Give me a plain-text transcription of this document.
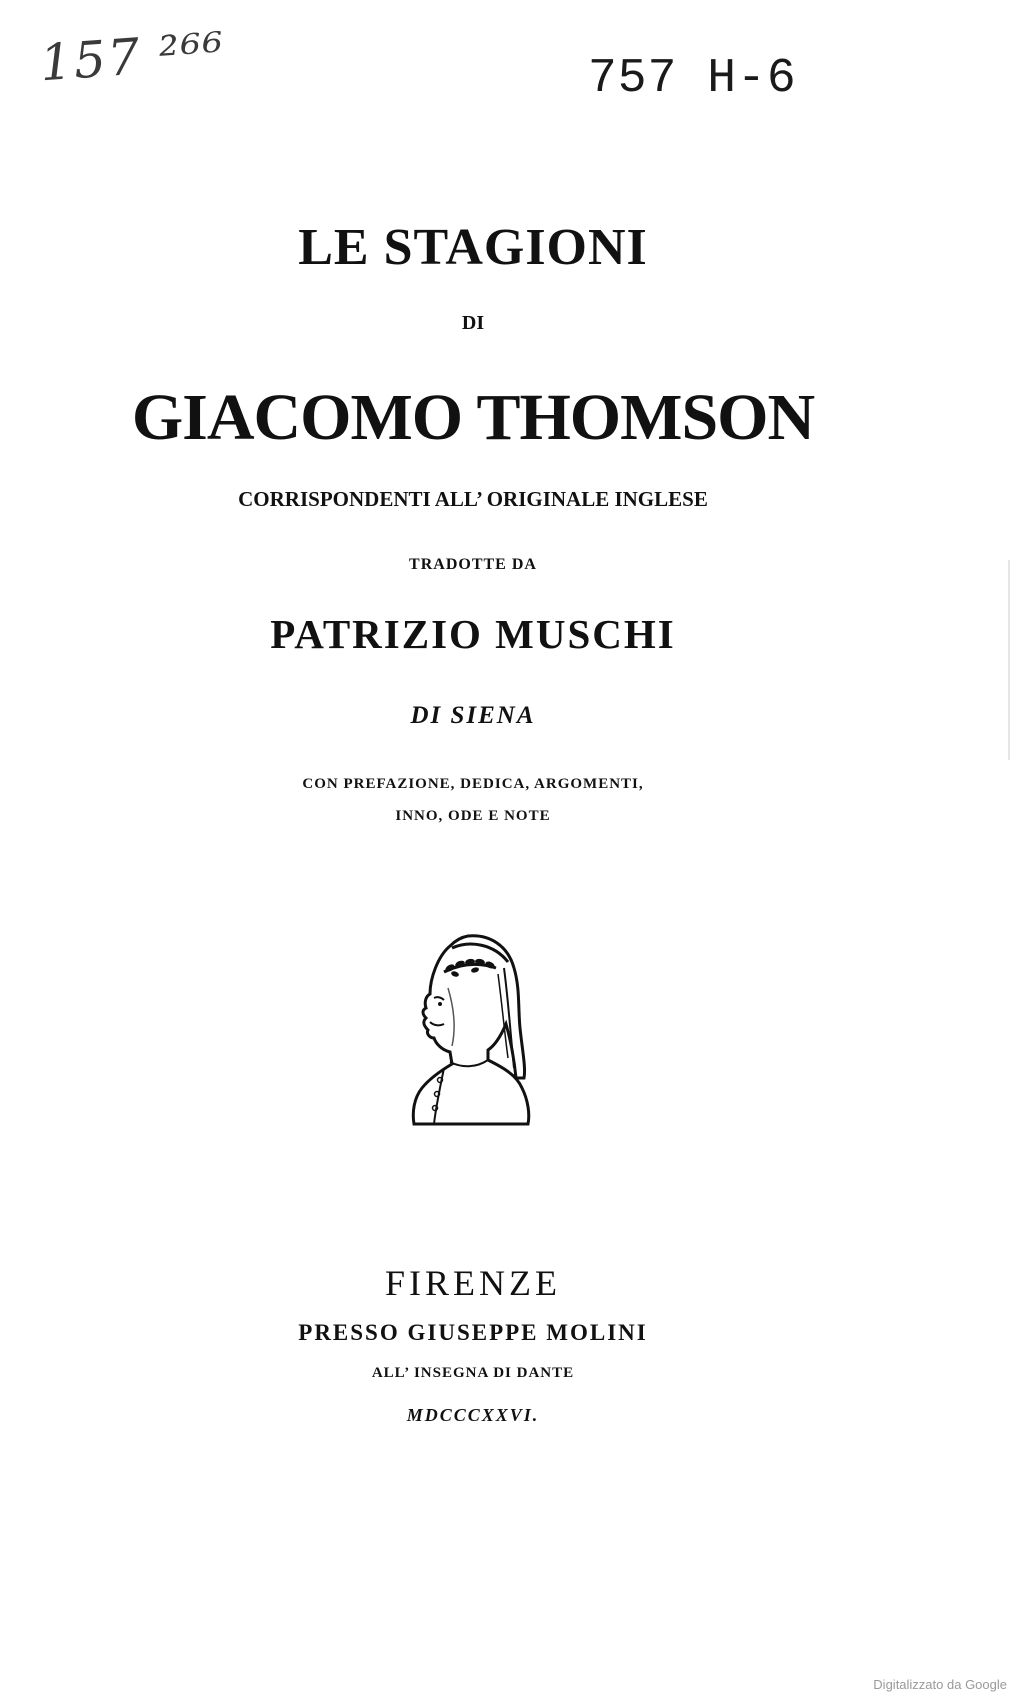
157 ²⁶⁶	757 H-6
LE STAGIONI
DI
GIACOMO THOMSON
CORRISPONDENTI ALL’ ORIGINALE INGLESE
TRADOTTE DA
PATRIZIO MUSCHI
DI SIENA
CON PREFAZIONE, DEDICA, ARGOMENTI,
INNO, ODE E NOTE
FIRENZE
PRESSO GIUSEPPE MOLINI
ALL’ INSEGNA DI DANTE
MDCCCXXVI.
Digitalizzato da Google
